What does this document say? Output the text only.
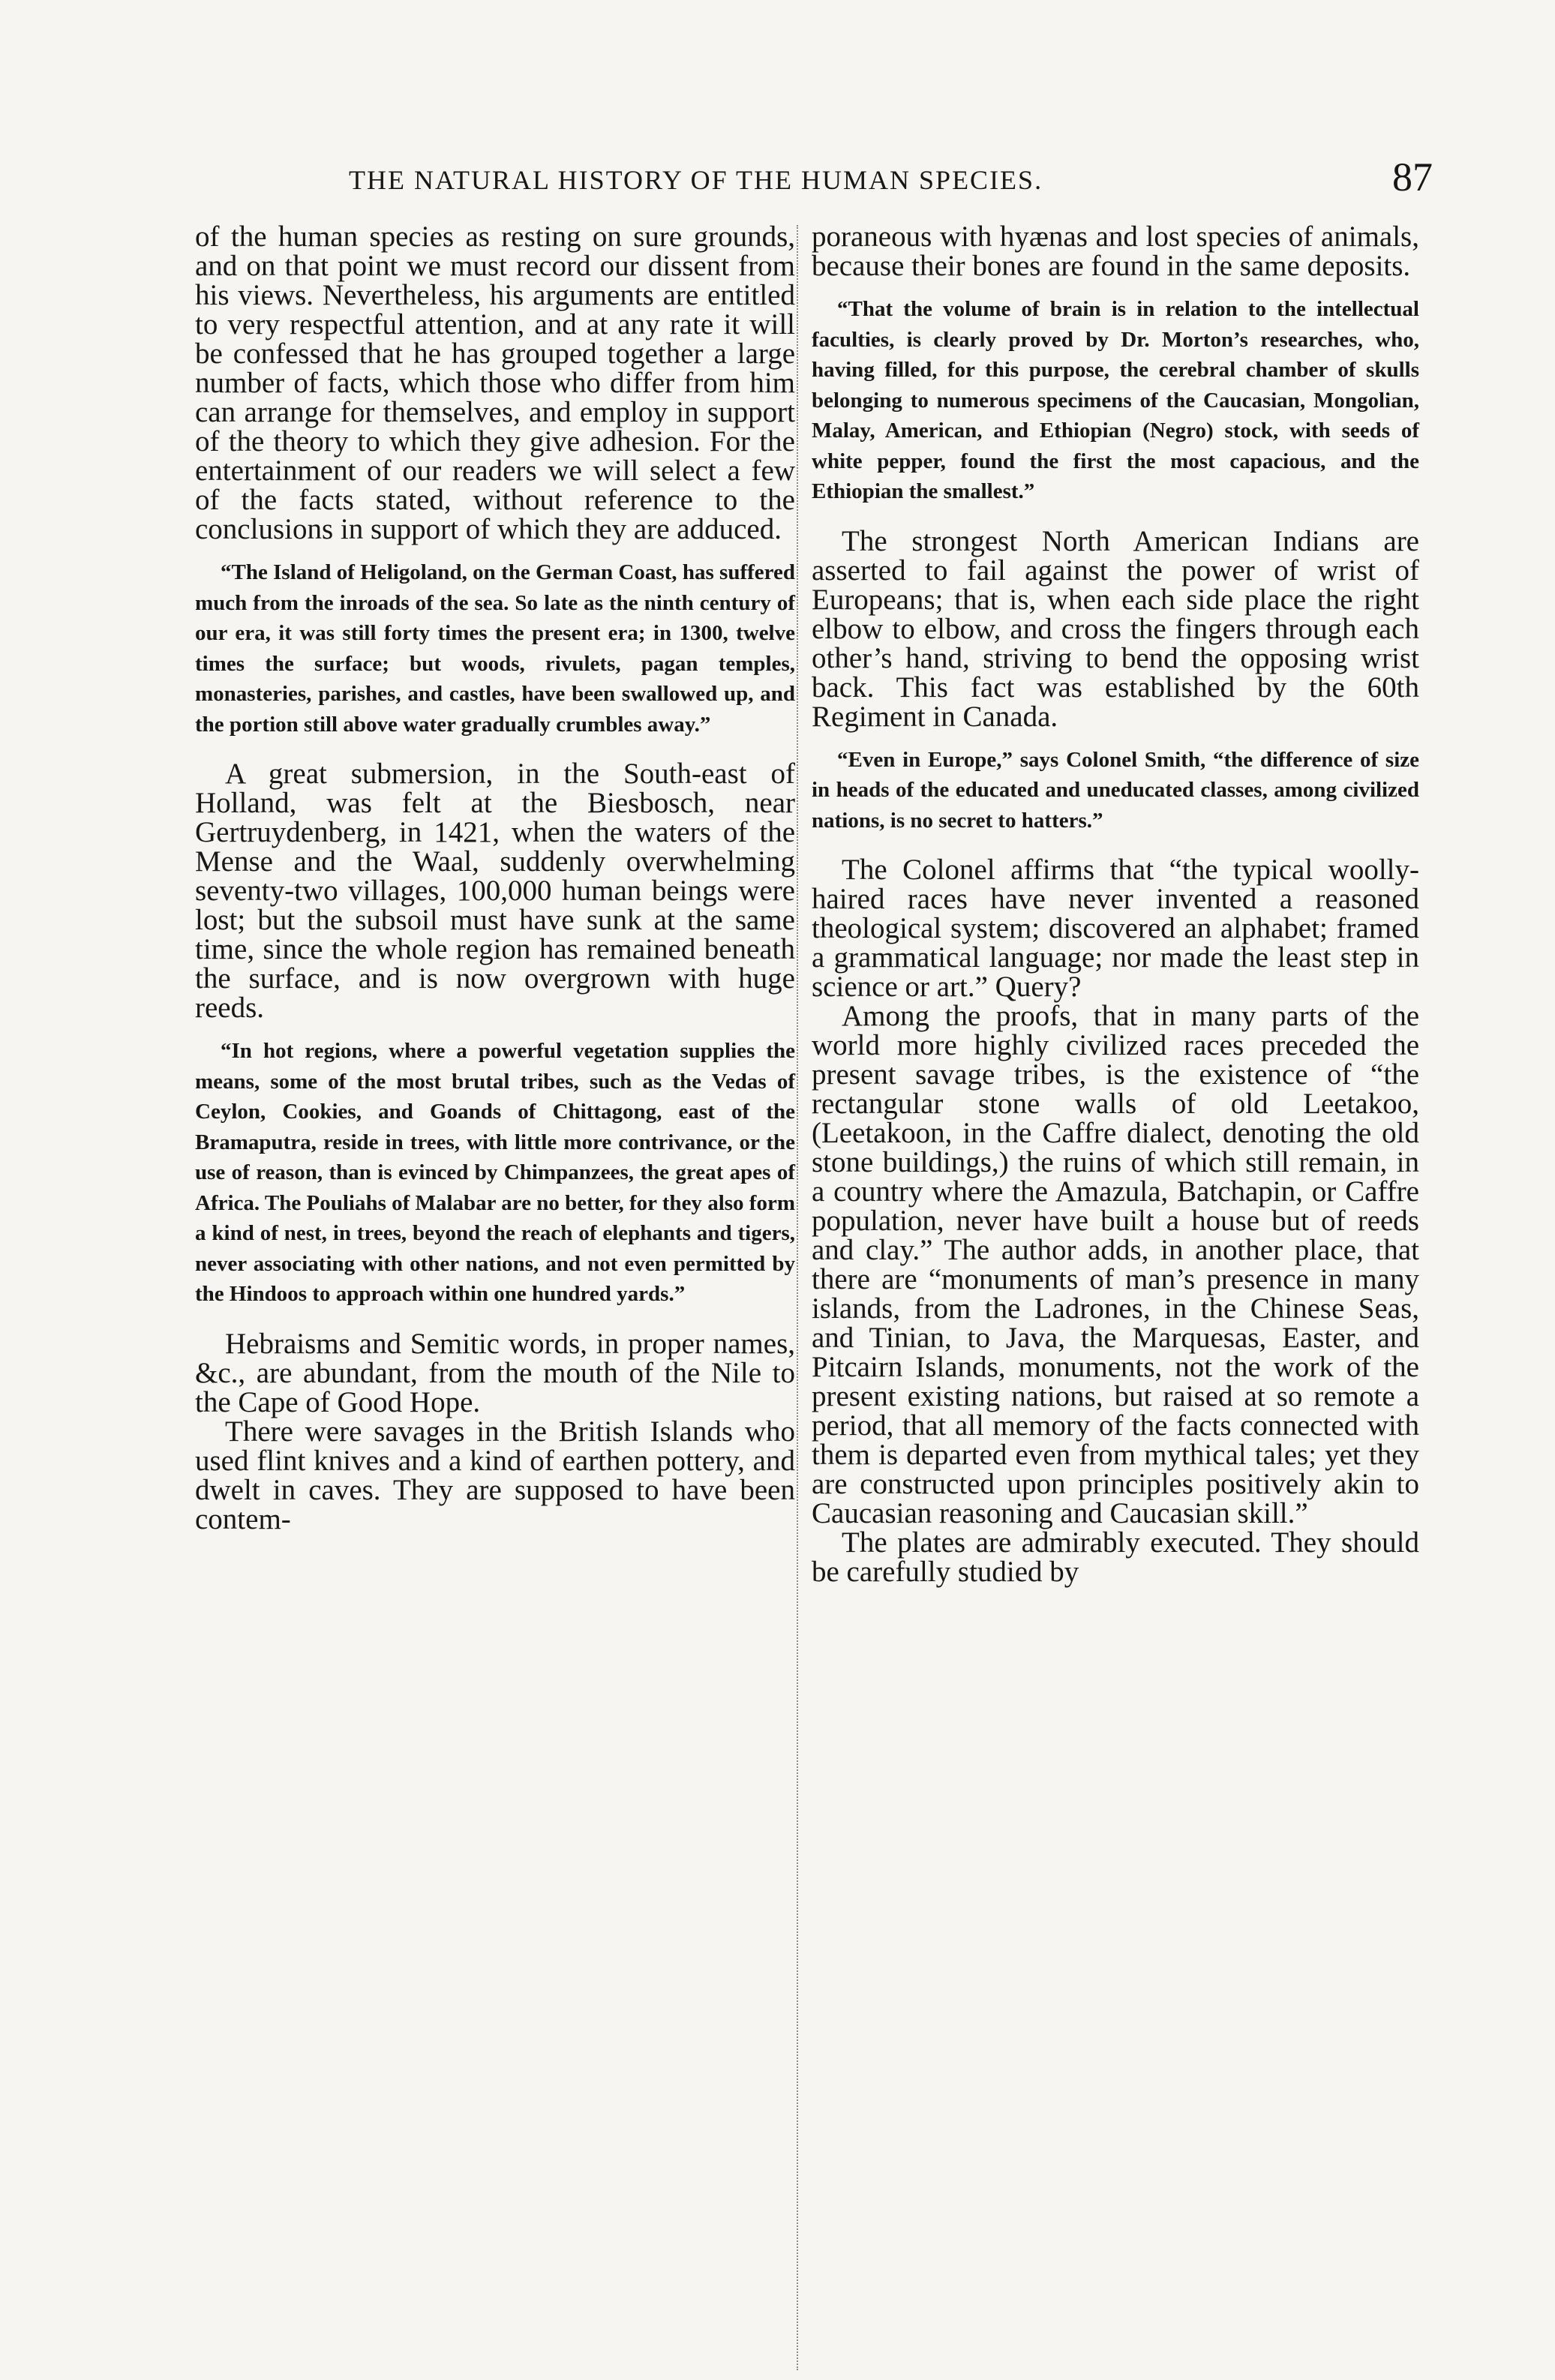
THE NATURAL HISTORY OF THE HUMAN SPECIES.	87

of the human species as resting on sure grounds, and on that point we must record our dissent from his views. Nevertheless, his arguments are entitled to very respectful attention, and at any rate it will be confessed that he has grouped together a large number of facts, which those who differ from him can arrange for themselves, and employ in support of the theory to which they give adhesion. For the entertainment of our readers we will select a few of the facts stated, without reference to the conclusions in support of which they are adduced.

“The Island of Heligoland, on the German Coast, has suffered much from the inroads of the sea. So late as the ninth century of our era, it was still forty times the present era; in 1300, twelve times the surface; but woods, rivulets, pagan temples, monasteries, parishes, and castles, have been swallowed up, and the portion still above water gradually crumbles away.”

A great submersion, in the South-east of Holland, was felt at the Biesbosch, near Gertruydenberg, in 1421, when the waters of the Mense and the Waal, suddenly overwhelming seventy-two villages, 100,000 human beings were lost; but the subsoil must have sunk at the same time, since the whole region has remained beneath the surface, and is now overgrown with huge reeds.

“In hot regions, where a powerful vegetation supplies the means, some of the most brutal tribes, such as the Vedas of Ceylon, Cookies, and Goands of Chittagong, east of the Bramaputra, reside in trees, with little more contrivance, or the use of reason, than is evinced by Chimpanzees, the great apes of Africa. The Pouliahs of Malabar are no better, for they also form a kind of nest, in trees, beyond the reach of elephants and tigers, never associating with other nations, and not even permitted by the Hindoos to approach within one hundred yards.”

Hebraisms and Semitic words, in proper names, &c., are abundant, from the mouth of the Nile to the Cape of Good Hope.

There were savages in the British Islands who used flint knives and a kind of earthen pottery, and dwelt in caves. They are supposed to have been contem-

poraneous with hyænas and lost species of animals, because their bones are found in the same deposits.

“That the volume of brain is in relation to the intellectual faculties, is clearly proved by Dr. Morton’s researches, who, having filled, for this purpose, the cerebral chamber of skulls belonging to numerous specimens of the Caucasian, Mongolian, Malay, American, and Ethiopian (Negro) stock, with seeds of white pepper, found the first the most capacious, and the Ethiopian the smallest.”

The strongest North American Indians are asserted to fail against the power of wrist of Europeans; that is, when each side place the right elbow to elbow, and cross the fingers through each other’s hand, striving to bend the opposing wrist back. This fact was established by the 60th Regiment in Canada.

“Even in Europe,” says Colonel Smith, “the difference of size in heads of the educated and uneducated classes, among civilized nations, is no secret to hatters.”

The Colonel affirms that “the typical woolly-haired races have never invented a reasoned theological system; discovered an alphabet; framed a grammatical language; nor made the least step in science or art.” Query?

Among the proofs, that in many parts of the world more highly civilized races preceded the present savage tribes, is the existence of “the rectangular stone walls of old Leetakoo, (Leetakoon, in the Caffre dialect, denoting the old stone buildings,) the ruins of which still remain, in a country where the Amazula, Batchapin, or Caffre population, never have built a house but of reeds and clay.” The author adds, in another place, that there are “monuments of man’s presence in many islands, from the Ladrones, in the Chinese Seas, and Tinian, to Java, the Marquesas, Easter, and Pitcairn Islands, monuments, not the work of the present existing nations, but raised at so remote a period, that all memory of the facts connected with them is departed even from mythical tales; yet they are constructed upon principles positively akin to Caucasian reasoning and Caucasian skill.”

The plates are admirably executed. They should be carefully studied by
